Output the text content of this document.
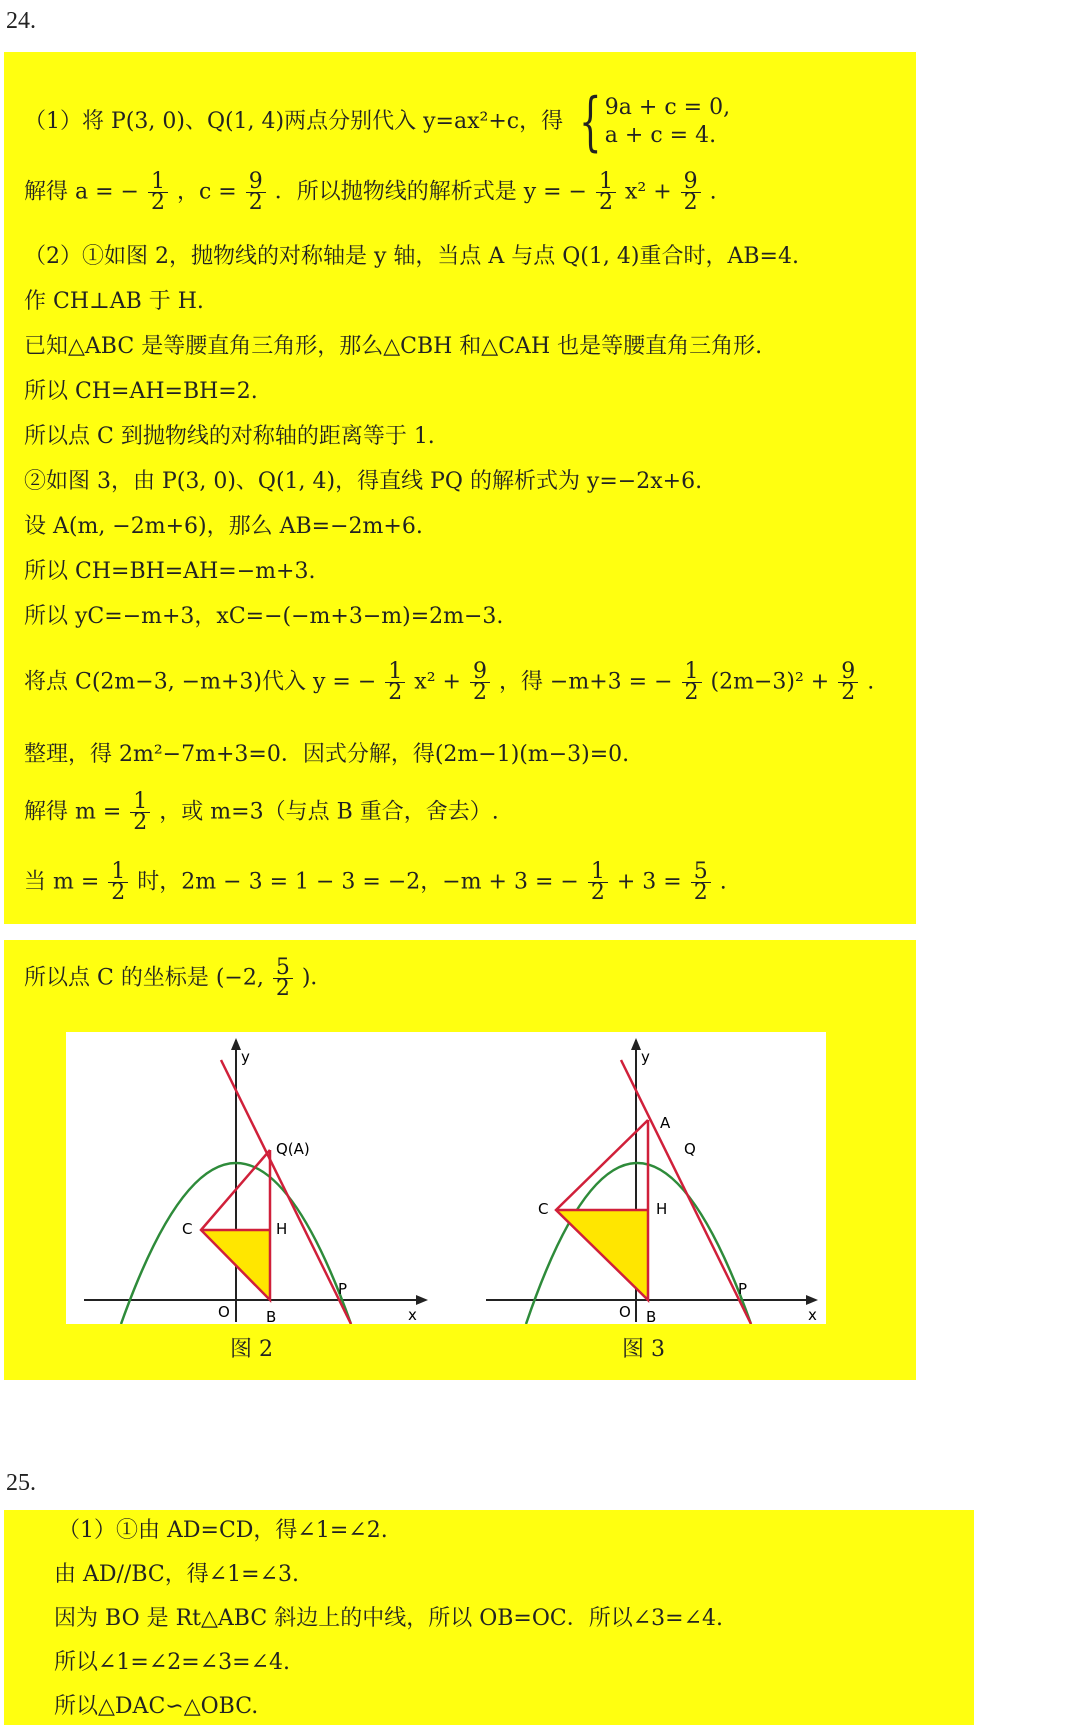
24.
（1）将 P(3, 0)、Q(1, 4)两点分别代入 y=ax²+c，得 { 9a + c = 0,
a + c = 4.
解得 a = − $\frac{1}{2}$ ，$c = \frac{9}{2}$ ．所以抛物线的解析式是 y = − $\frac{1}{2} x^2 + \frac{9}{2}$ .
（2）①如图 2，抛物线的对称轴是 y 轴，当点 A 与点 Q(1, 4)重合时，AB=4.
作 CH⊥AB 于 H.
已知△ABC 是等腰直角三角形，那么△CBH 和△CAH 也是等腰直角三角形.
所以 CH=AH=BH=2.
所以点 C 到抛物线的对称轴的距离等于 1.
②如图 3，由 P(3, 0)、Q(1, 4)，得直线 PQ 的解析式为 y=−2x+6.
设 A(m, −2m+6)，那么 AB=−2m+6.
所以 CH=BH=AH=−m+3.
所以 yC=−m+3，xC=−(−m+3−m)=2m−3.
将点 C(2m−3, −m+3)代入 y = − $\frac{1}{2} x^2 + \frac{9}{2}$ ，得 −m+3 = − $\frac{1}{2} (2m-3)^2 + \frac{9}{2}$ .
整理，得 2m²−7m+3=0．因式分解，得(2m−1)(m−3)=0.
解得 $m = \frac{1}{2}$ ，或 m=3（与点 B 重合，舍去）.
当 $m = \frac{1}{2}$ 时，2m − 3 = 1 − 3 = −2，−m + 3 = − $\frac{1}{2} + 3 = \frac{5}{2}$ .
所以点 C 的坐标是 (−2, $\frac{5}{2}$ )．
y
x
O B
P
Q(A)
C	H
y
x
O B
P
A
Q
C	H
图 2	图 3
25.
（1）①由 AD=CD，得∠1=∠2.
由 AD//BC，得∠1=∠3.
因为 BO 是 Rt△ABC 斜边上的中线，所以 OB=OC．所以∠3=∠4.
所以∠1=∠2=∠3=∠4.
所以△DAC∽△OBC.
